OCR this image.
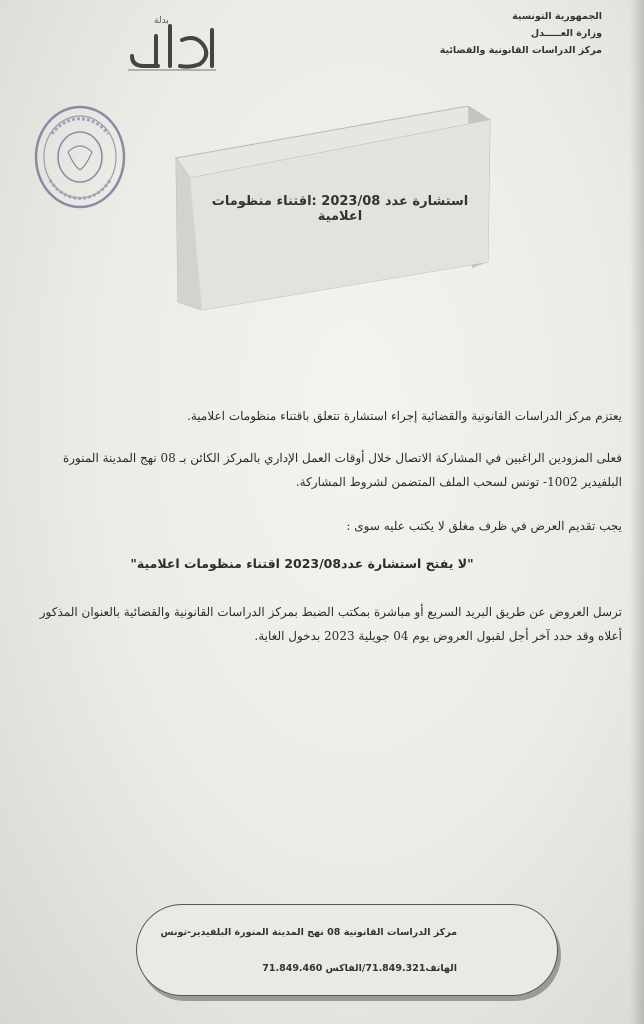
الجمهورية التونسية
وزارة العـــــدل
مركز الدراسات القانونية والقضائية
بدلة
استشارة عدد 2023/08 :اقتناء منظومات اعلامية
يعتزم مركز الدراسات القانونية والقضائية إجراء استشارة تتعلق باقتناء منظومات اعلامية.
فعلى المزودين الراغبين في المشاركة الاتصال خلال أوقات العمل الإداري بالمركز الكائن بـ 08 نهج المدينة المنورة البلفيدير 1002- تونس لسحب الملف المتضمن لشروط المشاركة.
يجب تقديم العرض في ظرف مغلق لا يكتب عليه سوى :
"لا يفتح استشارة عدد2023/08 اقتناء منظومات اعلامية"
ترسل العروض عن طريق البريد السريع أو مباشرة بمكتب الضبط بمركز الدراسات القانونية والقضائية بالعنوان المذكور أعلاه وقد حدد آخر أجل لقبول العروض يوم 04 جويلية 2023 بدخول الغاية.
مركز الدراسات القانونية 08 نهج المدينة المنورة البلفيدير-تونس
الهاتف71.849.321/الفاكس 71.849.460
